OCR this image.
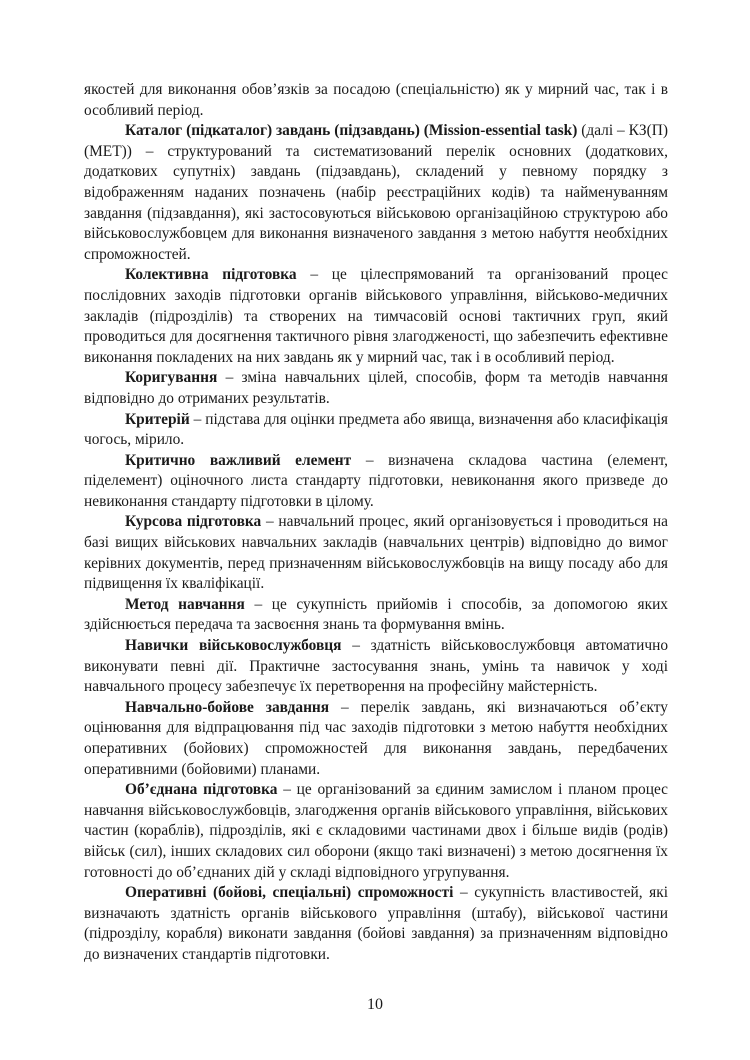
якостей для виконання обов’язків за посадою (спеціальністю) як у мирний час, так і в особливий період.

Каталог (підкаталог) завдань (підзавдань) (Mission-essential task) (далі – КЗ(П) (МЕТ)) – структурований та систематизований перелік основних (додаткових, додаткових супутніх) завдань (підзавдань), складений у певному порядку з відображенням наданих позначень (набір реєстраційних кодів) та найменуванням завдання (підзавдання), які застосовуються військовою організаційною структурою або військовослужбовцем для виконання визначеного завдання з метою набуття необхідних спроможностей.

Колективна підготовка – це цілеспрямований та організований процес послідовних заходів підготовки органів військового управління, військово-медичних закладів (підрозділів) та створених на тимчасовій основі тактичних груп, який проводиться для досягнення тактичного рівня злагодженості, що забезпечить ефективне виконання покладених на них завдань як у мирний час, так і в особливий період.

Коригування – зміна навчальних цілей, способів, форм та методів навчання відповідно до отриманих результатів.

Критерій – підстава для оцінки предмета або явища, визначення або класифікація чогось, мірило.

Критично важливий елемент – визначена складова частина (елемент, піделемент) оціночного листа стандарту підготовки, невиконання якого призведе до невиконання стандарту підготовки в цілому.

Курсова підготовка – навчальний процес, який організовується і проводиться на базі вищих військових навчальних закладів (навчальних центрів) відповідно до вимог керівних документів, перед призначенням військовослужбовців на вищу посаду або для підвищення їх кваліфікації.

Метод навчання – це сукупність прийомів і способів, за допомогою яких здійснюється передача та засвоєння знань та формування вмінь.

Навички військовослужбовця – здатність військовослужбовця автоматично виконувати певні дії. Практичне застосування знань, умінь та навичок у ході навчального процесу забезпечує їх перетворення на професійну майстерність.

Навчально-бойове завдання – перелік завдань, які визначаються об’єкту оцінювання для відпрацювання під час заходів підготовки з метою набуття необхідних оперативних (бойових) спроможностей для виконання завдань, передбачених оперативними (бойовими) планами.

Об’єднана підготовка – це організований за єдиним замислом і планом процес навчання військовослужбовців, злагодження органів військового управління, військових частин (кораблів), підрозділів, які є складовими частинами двох і більше видів (родів) військ (сил), інших складових сил оборони (якщо такі визначені) з метою досягнення їх готовності до об’єднаних дій у складі відповідного угрупування.

Оперативні (бойові, спеціальні) спроможності – сукупність властивостей, які визначають здатність органів військового управління (штабу), військової частини (підрозділу, корабля) виконати завдання (бойові завдання) за призначенням відповідно до визначених стандартів підготовки.

10
